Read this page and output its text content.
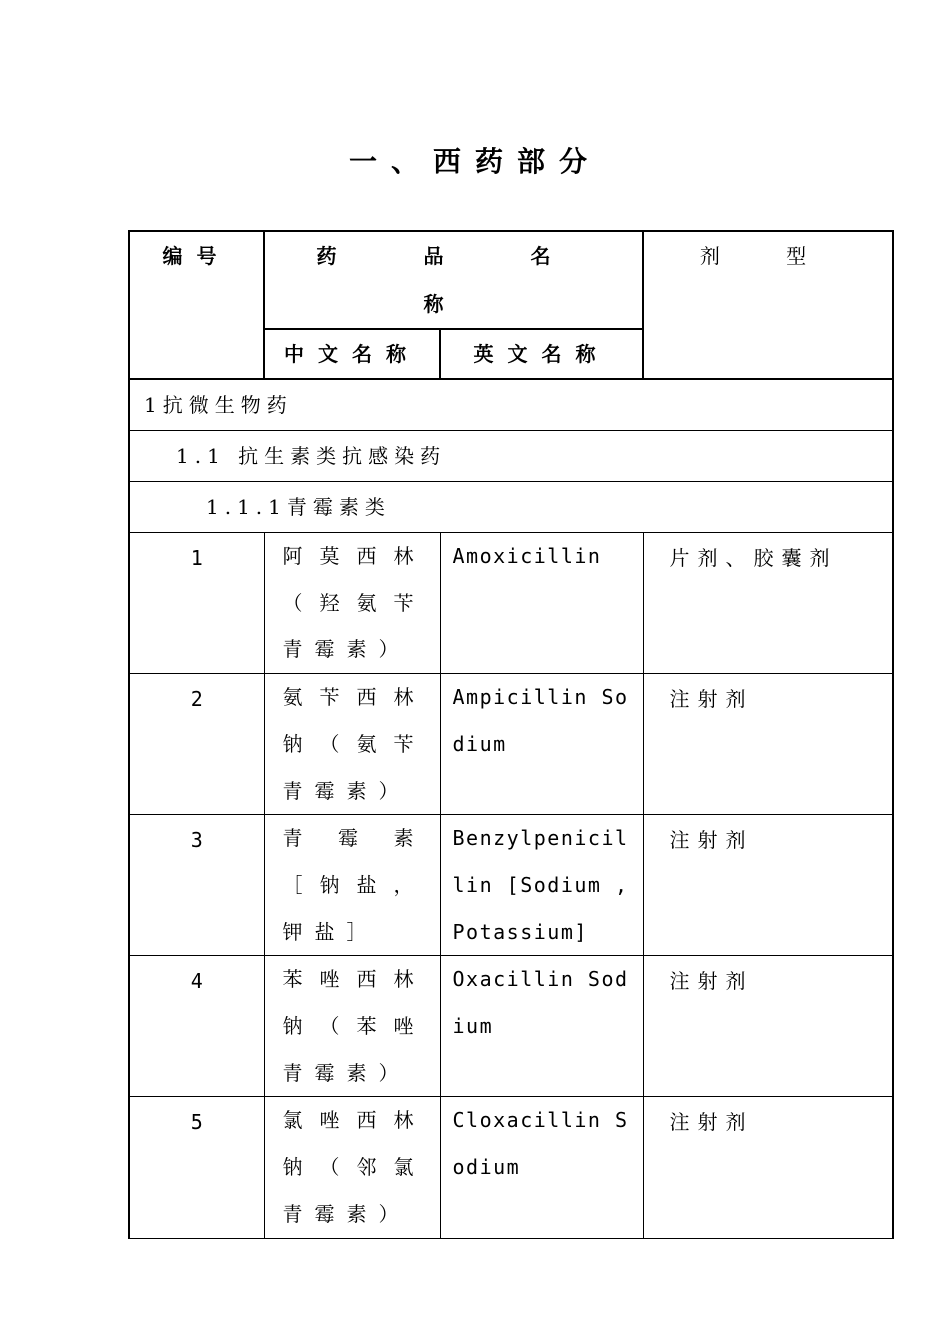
一、西药部分
编号	药 品 名 称		剂 型
	中文名称	英文名称	
1抗微生物药			
1.1 抗生素类抗感染药			
1.1.1青霉素类			
1	阿莫西林（羟氨苄青霉素）	Amoxicillin	片剂、胶囊剂
2	氨苄西林钠（氨苄青霉素）	Ampicillin Sodium	注射剂
3	青霉素［钠盐，钾盐］	Benzylpenicillin [Sodium , Potassium]	注射剂
4	苯唑西林钠（苯唑青霉素）	Oxacillin Sodium	注射剂
5	氯唑西林钠（邻氯青霉素）	Cloxacillin Sodium	注射剂
